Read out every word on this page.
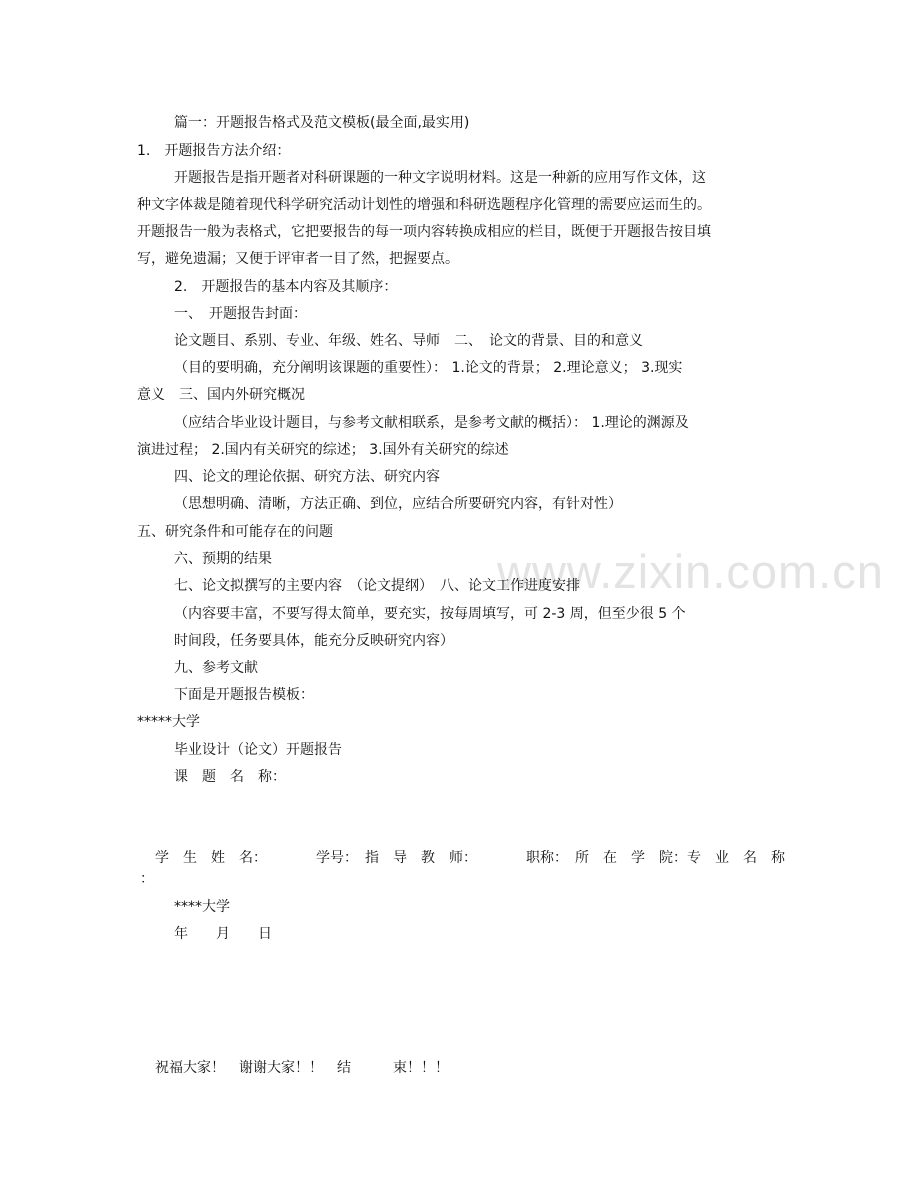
www.zixin.com.cn
篇一：开题报告格式及范文模板(最全面,最实用)
1.　开题报告方法介绍：
开题报告是指开题者对科研课题的一种文字说明材料。这是一种新的应用写作文体，这
种文字体裁是随着现代科学研究活动计划性的增强和科研选题程序化管理的需要应运而生的。
开题报告一般为表格式，它把要报告的每一项内容转换成相应的栏目，既便于开题报告按目填
写，避免遗漏；又便于评审者一目了然，把握要点。
2.　开题报告的基本内容及其顺序：
一、　开题报告封面：
论文题目、系别、专业、年级、姓名、导师　二、　论文的背景、目的和意义
（目的要明确，充分阐明该课题的重要性）： 1.论文的背景； 2.理论意义； 3.现实
意义　三、国内外研究概况
（应结合毕业设计题目，与参考文献相联系，是参考文献的概括）： 1.理论的渊源及
演进过程； 2.国内有关研究的综述； 3.国外有关研究的综述
四、论文的理论依据、研究方法、研究内容
（思想明确、清晰，方法正确、到位，应结合所要研究内容，有针对性）
五、研究条件和可能存在的问题
六、预期的结果
七、论文拟撰写的主要内容　（论文提纲）　八、论文工作进度安排
（内容要丰富，不要写得太简单，要充实，按每周填写，可 2-3 周，但至少很 5 个
时间段，任务要具体，能充分反映研究内容）
九、参考文献
下面是开题报告模板：
*****大学
毕业设计（论文）开题报告
课　题　名　称：
学　生　姓　名：　　　　学号：　指　导　教　师：　　　　职称：　所　在　学　院：专　业　名　称
：
****大学
年　　月　　日
祝福大家！　谢谢大家！！　结　　　束！！！
